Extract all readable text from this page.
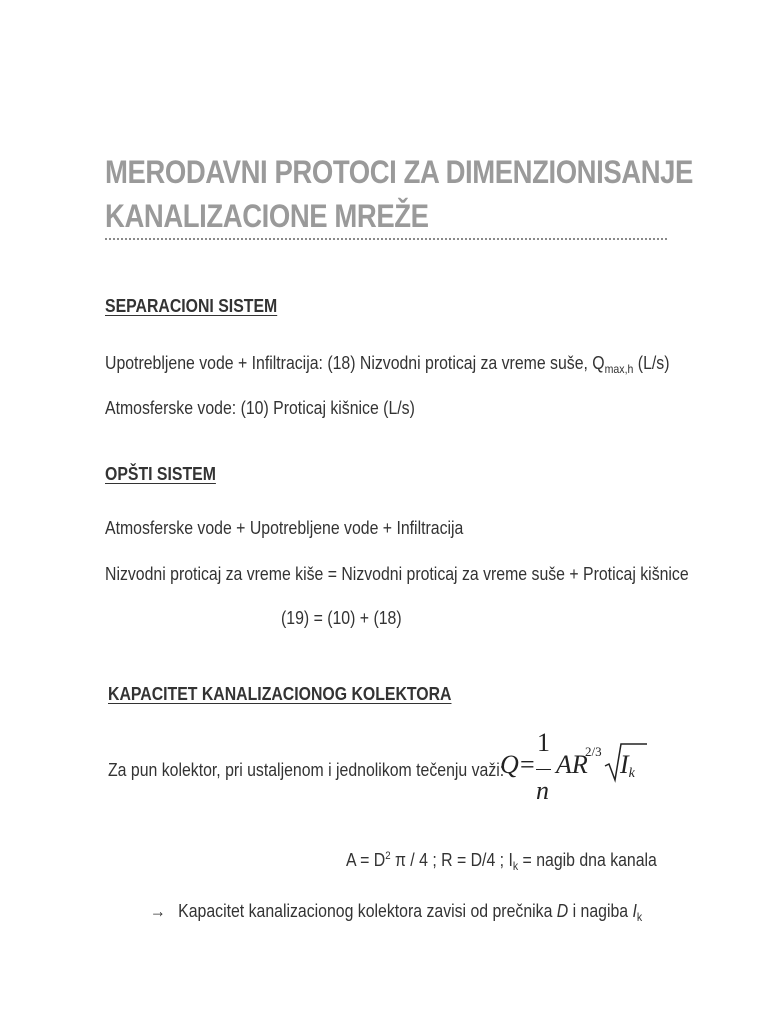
MERODAVNI PROTOCI ZA DIMENZIONISANJE
KANALIZACIONE MREŽE
SEPARACIONI SISTEM
Upotrebljene vode + Infiltracija: (18) Nizvodni proticaj za vreme suše, $Q_{max,h}$ (L/s)
Atmosferske vode: (10) Proticaj kišnice (L/s)
OPŠTI SISTEM
Atmosferske vode + Upotrebljene vode + Infiltracija
Nizvodni proticaj za vreme kiše = Nizvodni proticaj za vreme suše + Proticaj kišnice
(19) = (10) + (18)
KAPACITET KANALIZACIONOG KOLEKTORA
Za pun kolektor, pri ustaljenom i jednolikom tečenju važi:
Q =
1
n
AR
2/3 $I_k$
$A = D^2$ π / 4 ; R = D/4 ; $I_k$ = nagib dna kanala
→ Kapacitet kanalizacionog kolektora zavisi od prečnika D i nagiba $I_k$
